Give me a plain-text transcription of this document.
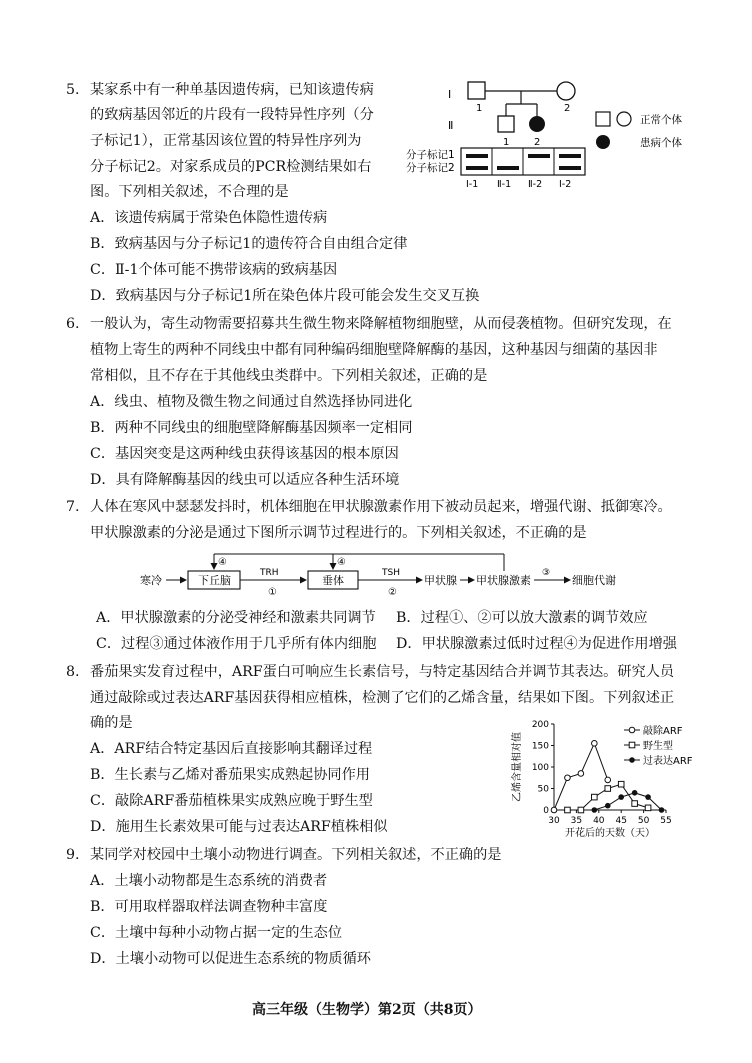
5. 某家系中有一种单基因遗传病，已知该遗传病
的致病基因邻近的片段有一段特异性序列（分
子标记1），正常基因该位置的特异性序列为
分子标记2。对家系成员的PCR检测结果如右
图。下列相关叙述，不合理的是
A．该遗传病属于常染色体隐性遗传病
B．致病基因与分子标记1的遗传符合自由组合定律
C．Ⅱ-1个体可能不携带该病的致病基因
D．致病基因与分子标记1所在染色体片段可能会发生交叉互换
Ⅰ
Ⅱ
1	2
1 2
正常个体
患病个体
分子标记1
分子标记2
Ⅰ-1 Ⅱ-1 Ⅱ-2 Ⅰ-2
6. 一般认为，寄生动物需要招募共生微生物来降解植物细胞壁，从而侵袭植物。但研究发现，在
植物上寄生的两种不同线虫中都有同种编码细胞壁降解酶的基因，这种基因与细菌的基因非
常相似，且不存在于其他线虫类群中。下列相关叙述，正确的是
A．线虫、植物及微生物之间通过自然选择协同进化
B．两种不同线虫的细胞壁降解酶基因频率一定相同
C．基因突变是这两种线虫获得该基因的根本原因
D．具有降解酶基因的线虫可以适应各种生活环境
7. 人体在寒风中瑟瑟发抖时，机体细胞在甲状腺激素作用下被动员起来，增强代谢、抵御寒冷。
甲状腺激素的分泌是通过下图所示调节过程进行的。下列相关叙述，不正确的是
寒冷	下丘脑
TRH
①
垂体
TSH
②
甲状腺 甲状腺激素
③
细胞代谢
④	④
A．甲状腺激素的分泌受神经和激素共同调节 B．过程①、②可以放大激素的调节效应
C．过程③通过体液作用于几乎所有体内细胞 D．甲状腺激素过低时过程④为促进作用增强
8. 番茄果实发育过程中，ARF蛋白可响应生长素信号，与特定基因结合并调节其表达。研究人员
通过敲除或过表达ARF基因获得相应植株，检测了它们的乙烯含量，结果如下图。下列叙述正
确的是
A．ARF结合特定基因后直接影响其翻译过程
B．生长素与乙烯对番茄果实成熟起协同作用
C．敲除ARF番茄植株果实成熟应晚于野生型
D．施用生长素效果可能与过表达ARF植株相似
0
50
100
150
200
30 35 40 45 50 55
开花后的天数（天）
乙烯含量相对值
敲除ARF
野生型
过表达ARF
9. 某同学对校园中土壤小动物进行调查。下列相关叙述，不正确的是
A．土壤小动物都是生态系统的消费者
B．可用取样器取样法调查物种丰富度
C．土壤中每种小动物占据一定的生态位
D．土壤小动物可以促进生态系统的物质循环
高三年级（生物学）第2页（共8页）
